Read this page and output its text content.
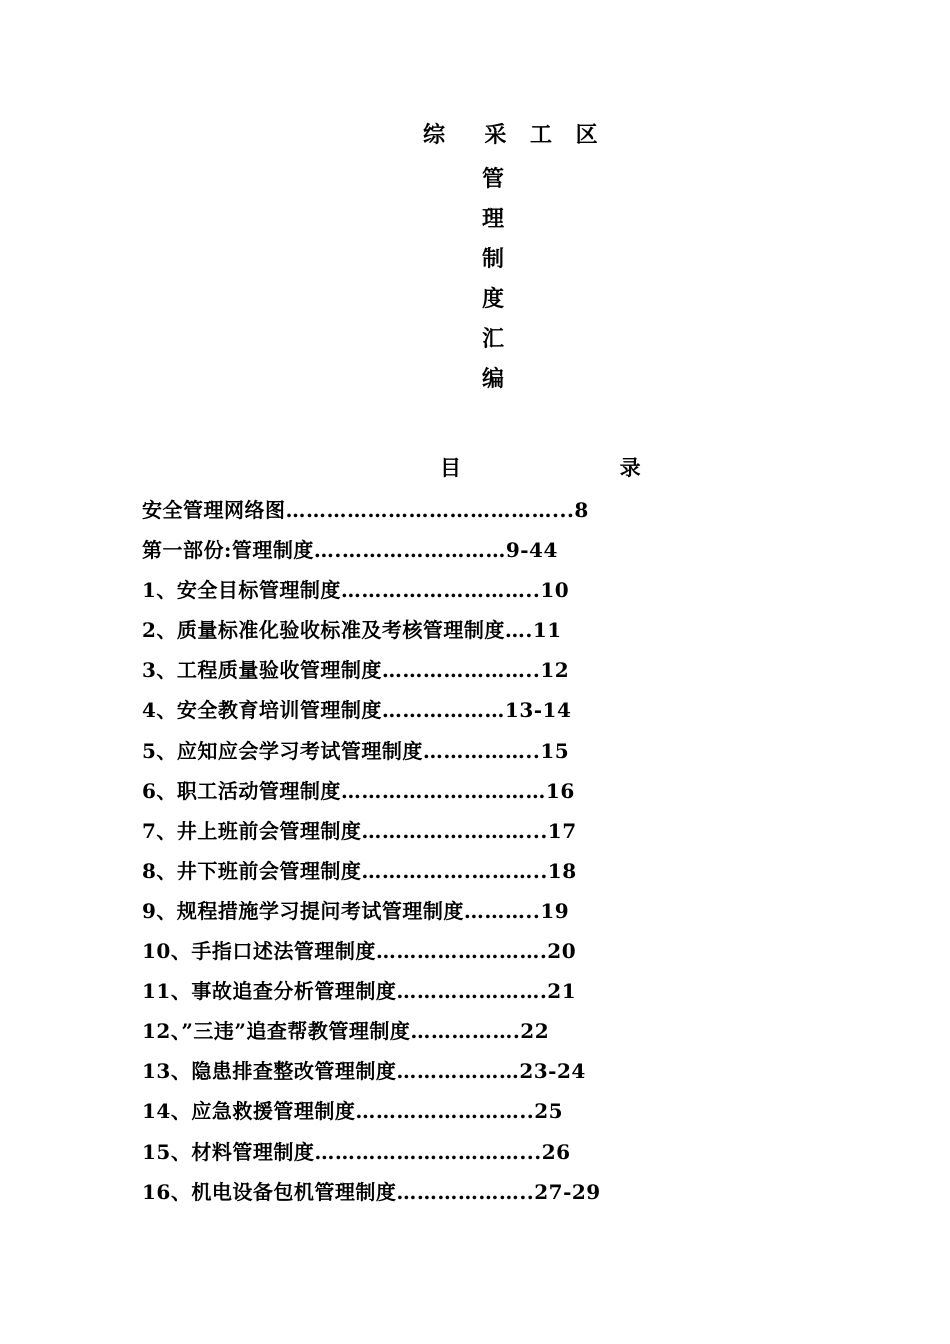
综  采 工 区
管
理
制
度
汇
编
目  录
安全管理网络图…………………………………...8
第一部份:管理制度….……………………9-44
1、安全目标管理制度………………………..10
2、质量标准化验收标准及考核管理制度….11
3、工程质量验收管理制度…………………..12
4、安全教育培训管理制度………………13-14
5、应知应会学习考试管理制度……………..15
6、职工活动管理制度…………………………16
7、井上班前会管理制度……………………...17
8、井下班前会管理制度…………….………..18
9、规程措施学习提问考试管理制度………..19
10、手指口述法管理制度…………………….20
11、事故追查分析管理制度………………….21
12、”三违”追查帮教管理制度…………….22
13、隐患排查整改管理制度………………23-24
14、应急救援管理制度……………………..25
15、材料管理制度…………………………...26
16、机电设备包机管理制度………………..27-29
